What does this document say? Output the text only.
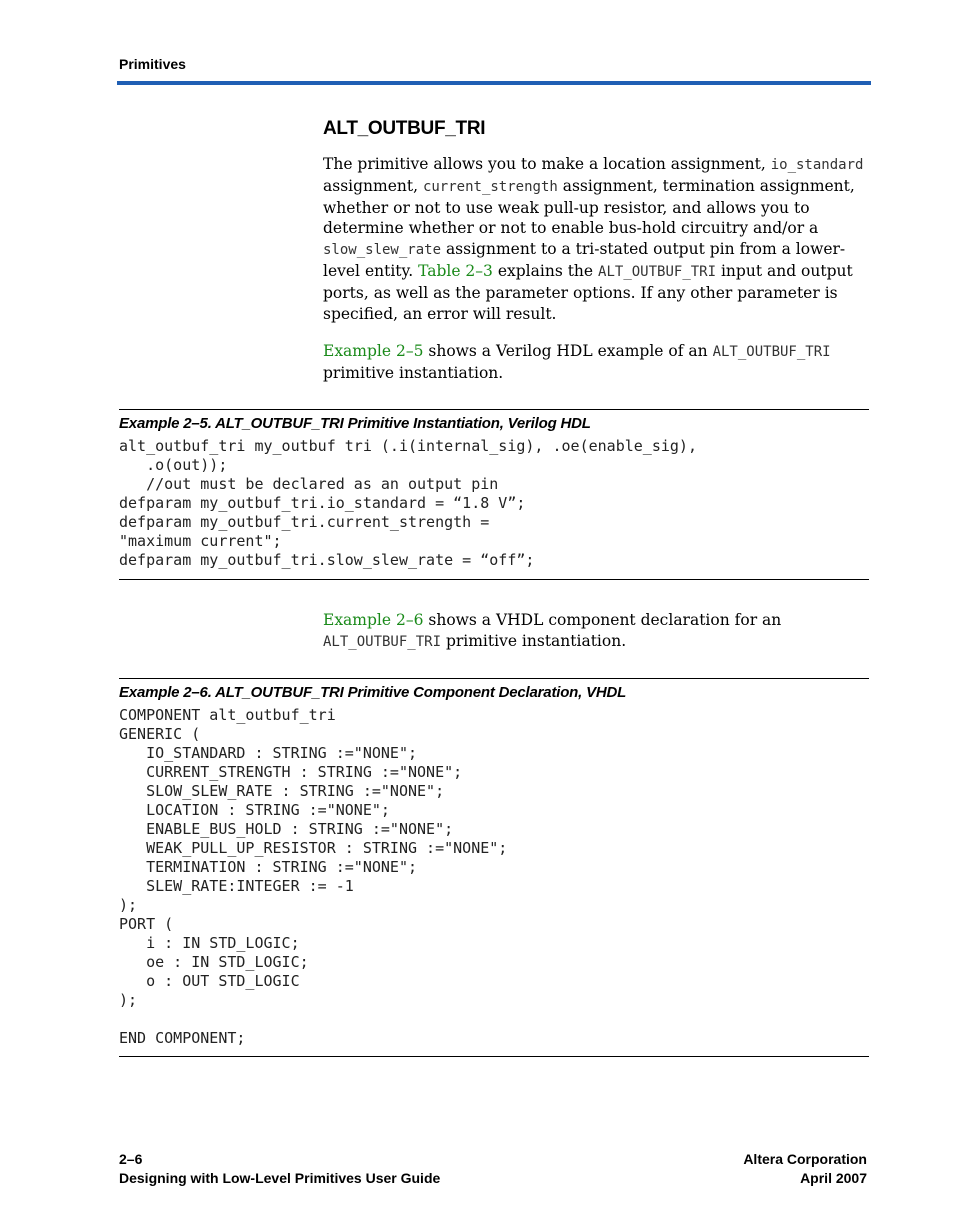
Primitives
ALT_OUTBUF_TRI
The primitive allows you to make a location assignment, io_standard assignment, current_strength assignment, termination assignment, whether or not to use weak pull-up resistor, and allows you to determine whether or not to enable bus-hold circuitry and/or a slow_slew_rate assignment to a tri-stated output pin from a lower-level entity. Table 2–3 explains the ALT_OUTBUF_TRI input and output ports, as well as the parameter options. If any other parameter is specified, an error will result.
Example 2–5 shows a Verilog HDL example of an ALT_OUTBUF_TRI primitive instantiation.
Example 2–5. ALT_OUTBUF_TRI Primitive Instantiation, Verilog HDL
alt_outbuf_tri my_outbuf tri (.i(internal_sig), .oe(enable_sig),
.o(out));
//out must be declared as an output pin
defparam my_outbuf_tri.io_standard = “1.8 V”;
defparam my_outbuf_tri.current_strength =
"maximum current";
defparam my_outbuf_tri.slow_slew_rate = “off”;
Example 2–6 shows a VHDL component declaration for an ALT_OUTBUF_TRI primitive instantiation.
Example 2–6. ALT_OUTBUF_TRI Primitive Component Declaration, VHDL
COMPONENT alt_outbuf_tri
GENERIC (
IO_STANDARD : STRING :="NONE";
CURRENT_STRENGTH : STRING :="NONE";
SLOW_SLEW_RATE : STRING :="NONE";
LOCATION : STRING :="NONE";
ENABLE_BUS_HOLD : STRING :="NONE";
WEAK_PULL_UP_RESISTOR : STRING :="NONE";
TERMINATION : STRING :="NONE";
SLEW_RATE:INTEGER := -1
);
PORT (
i : IN STD_LOGIC;
oe : IN STD_LOGIC;
o : OUT STD_LOGIC
);

END COMPONENT;
2–6
Designing with Low-Level Primitives User Guide
Altera Corporation
April 2007
